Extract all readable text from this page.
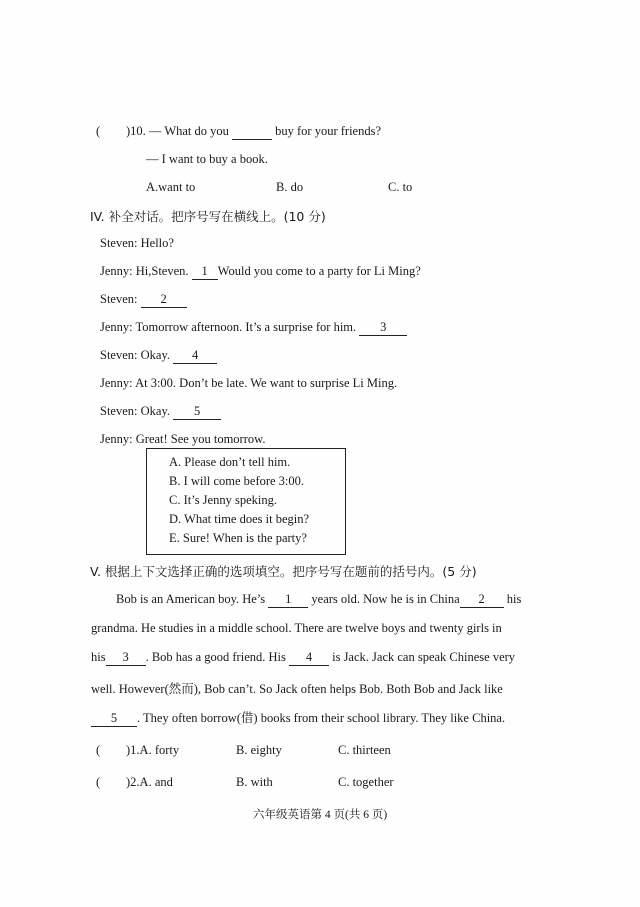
( )10. — What do you	buy for your friends?
— I want to buy a book.
A.want to	B. do	C. to
IV. 补全对话。把序号写在横线上。(10 分)
Steven: Hello?
Jenny: Hi,Steven. 1 Would you come to a party for Li Ming?
Steven: 2
Jenny: Tomorrow afternoon. It’s a surprise for him. 3
Steven: Okay. 4
Jenny: At 3:00. Don’t be late. We want to surprise Li Ming.
Steven: Okay. 5
Jenny: Great! See you tomorrow.
A. Please don’t tell him.
B. I will come before 3:00.
C. It’s Jenny speking.
D. What time does it begin?
E. Sure! When is the party?
V. 根据上下文选择正确的选项填空。把序号写在题前的括号内。(5 分)
Bob is an American boy. He’s 1 years old. Now he is in China 2 his
grandma. He studies in a middle school. There are twelve boys and twenty girls in
his 3 . Bob has a good friend. His 4 is Jack. Jack can speak Chinese very
well. However(然而), Bob can’t. So Jack often helps Bob. Both Bob and Jack like
5 . They often borrow(借) books from their school library. They like China.
( )1.A. forty	B. eighty	C. thirteen
( )2.A. and	B. with	C. together
六年级英语第 4 页(共 6 页)
